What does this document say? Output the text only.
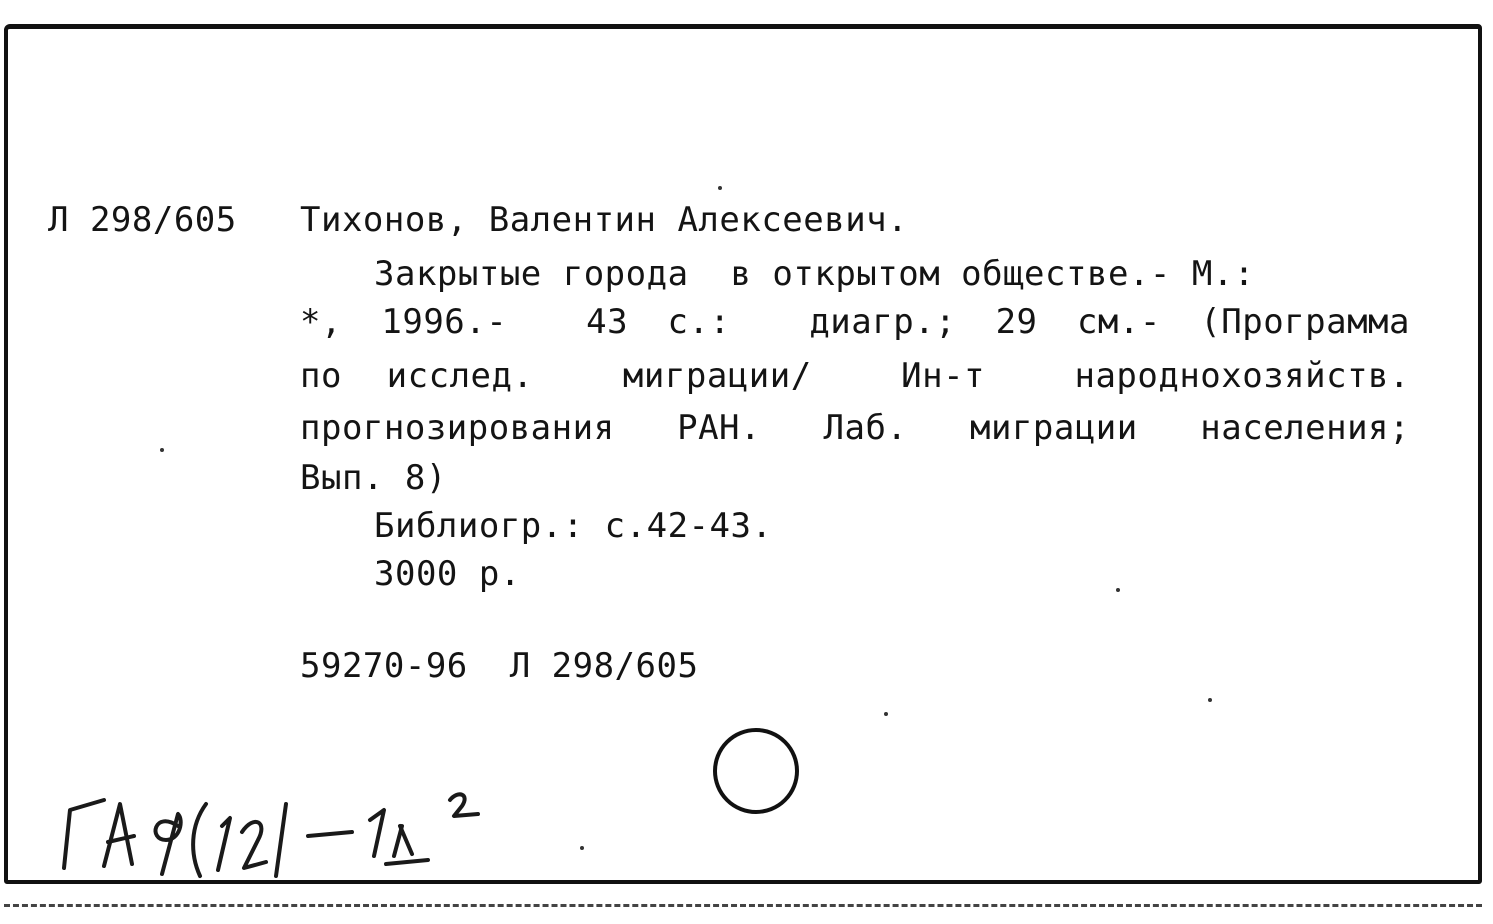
Л 298/605 Тихонов, Валентин Алексеевич.
Закрытые города  в открытом обществе.- М.:
*, 1996.-  43 с.:  диагр.; 29 см.- (Программа
по исслед.  миграции/  Ин-т  народнохозяйств.
прогнозирования РАН. Лаб. миграции населения;
Вып. 8)
Библиогр.: с.42-43.
3000 р.
59270-96  Л 298/605
